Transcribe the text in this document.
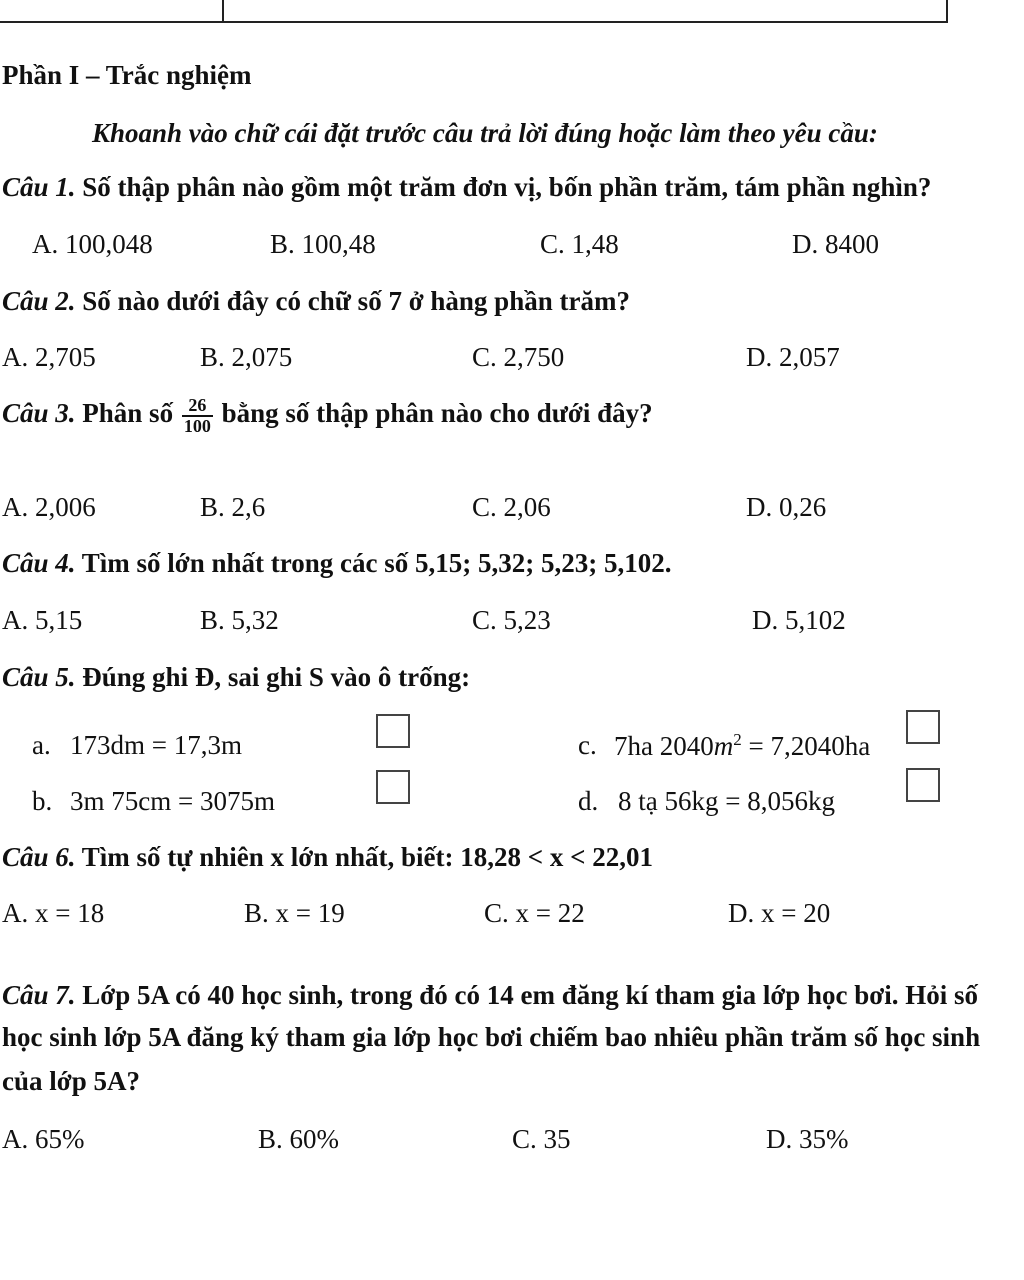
Phần I – Trắc nghiệm
Khoanh vào chữ cái đặt trước câu trả lời đúng hoặc làm theo yêu cầu:
Câu 1. Số thập phân nào gồm một trăm đơn vị, bốn phần trăm, tám phần nghìn?
A. 100,048	B. 100,48	C. 1,48	D. 8400
Câu 2. Số nào dưới đây có chữ số 7 ở hàng phần trăm?
A. 2,705	B. 2,075	C. 2,750	D. 2,057
Câu 3. Phân số $\frac{26}{100}$ bằng số thập phân nào cho dưới đây?
A. 2,006	B. 2,6	C. 2,06	D. 0,26
Câu 4. Tìm số lớn nhất trong các số 5,15; 5,32; 5,23; 5,102.
A. 5,15	B. 5,32	C. 5,23	D. 5,102
Câu 5. Đúng ghi Đ, sai ghi S vào ô trống:
a. 173dm = 17,3m	c. 7ha $2040m^2 = 7,2040ha$
b. 3m 75cm = 3075m	d. 8 tạ 56kg = 8,056kg
Câu 6. Tìm số tự nhiên x lớn nhất, biết: 18,28 < x < 22,01
A. x = 18	B. x = 19	C. x = 22	D. x = 20
Câu 7. Lớp 5A có 40 học sinh, trong đó có 14 em đăng kí tham gia lớp học bơi. Hỏi số
học sinh lớp 5A đăng ký tham gia lớp học bơi chiếm bao nhiêu phần trăm số học sinh
của lớp 5A?
A. 65%	B. 60%	C. 35	D. 35%
